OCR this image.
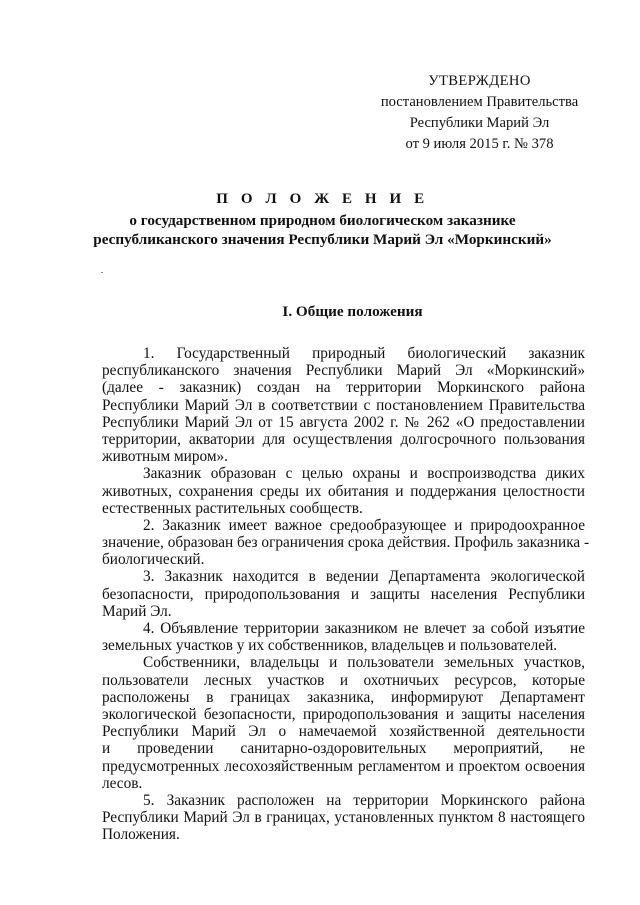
УТВЕРЖДЕНО
постановлением Правительства
Республики Марий Эл
от 9 июля 2015 г. № 378
П О Л О Ж Е Н И Е
о государственном природном биологическом заказнике
республиканского значения Республики Марий Эл «Моркинский»
I. Общие положения

1. Государственный природный биологический заказник
республиканского значения Республики Марий Эл «Моркинский»
(далее - заказник) создан на территории Моркинского района
Республики Марий Эл в соответствии с постановлением Правительства
Республики Марий Эл от 15 августа 2002 г. № 262 «О предоставлении
территории, акватории для осуществления долгосрочного пользования
животным миром».

Заказник образован с целью охраны и воспроизводства диких
животных, сохранения среды их обитания и поддержания целостности
естественных растительных сообществ.

2. Заказник имеет важное средообразующее и природоохранное
значение, образован без ограничения срока действия. Профиль заказника -
биологический.

3. Заказник находится в ведении Департамента экологической
безопасности, природопользования и защиты населения Республики
Марий Эл.

4. Объявление территории заказником не влечет за собой изъятие
земельных участков у их собственников, владельцев и пользователей.

Собственники, владельцы и пользователи земельных участков,
пользователи лесных участков и охотничьих ресурсов, которые
расположены в границах заказника, информируют Департамент
экологической безопасности, природопользования и защиты населения
Республики Марий Эл о намечаемой хозяйственной деятельности
и проведении санитарно-оздоровительных мероприятий, не
предусмотренных лесохозяйственным регламентом и проектом освоения
лесов.

5. Заказник расположен на территории Моркинского района
Республики Марий Эл в границах, установленных пунктом 8 настоящего
Положения.
